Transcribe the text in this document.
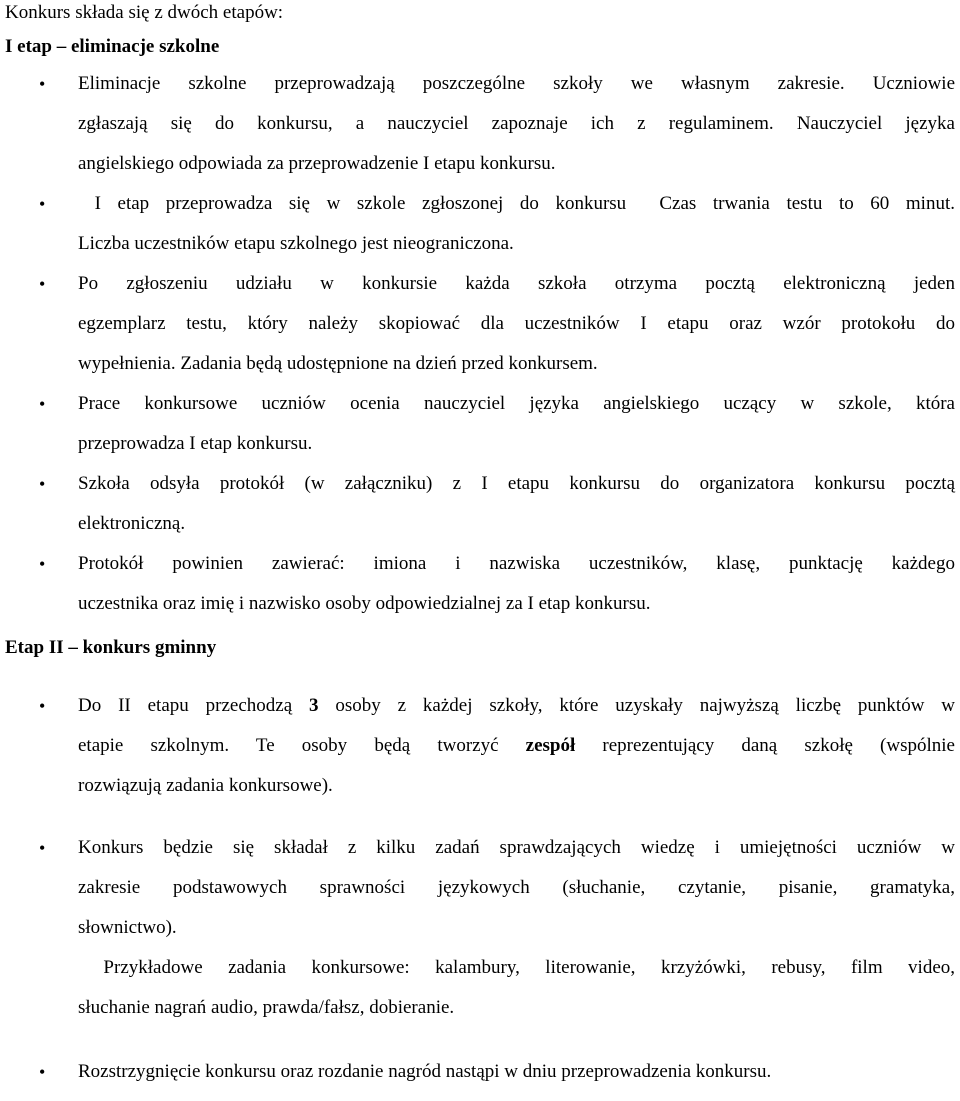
Konkurs składa się z dwóch etapów:
I etap – eliminacje szkolne
•	Eliminacje szkolne przeprowadzają poszczególne szkoły we własnym zakresie. Uczniowie
zgłaszają się do konkursu, a nauczyciel zapoznaje ich z regulaminem. Nauczyciel języka
angielskiego odpowiada za przeprowadzenie I etapu konkursu.
•	I etap przeprowadza się w szkole zgłoszonej do konkursu  Czas trwania testu to 60 minut.
Liczba uczestników etapu szkolnego jest nieograniczona.
•	Po zgłoszeniu udziału w konkursie każda szkoła otrzyma pocztą elektroniczną jeden
egzemplarz testu, który należy skopiować dla uczestników I etapu oraz wzór protokołu do
wypełnienia. Zadania będą udostępnione na dzień przed konkursem.
•	Prace konkursowe uczniów ocenia nauczyciel języka angielskiego uczący w szkole, która
przeprowadza I etap konkursu.
•	Szkoła odsyła protokół (w załączniku) z I etapu konkursu do organizatora konkursu pocztą
elektroniczną.
•	Protokół powinien zawierać: imiona i nazwiska uczestników, klasę, punktację każdego
uczestnika oraz imię i nazwisko osoby odpowiedzialnej za I etap konkursu.
Etap II – konkurs gminny
•	Do II etapu przechodzą 3 osoby z każdej szkoły, które uzyskały najwyższą liczbę punktów w
etapie szkolnym. Te osoby będą tworzyć zespół reprezentujący daną szkołę (wspólnie
rozwiązują zadania konkursowe).
•	Konkurs będzie się składał z kilku zadań sprawdzających wiedzę i umiejętności uczniów w
zakresie podstawowych sprawności językowych (słuchanie, czytanie, pisanie, gramatyka,
słownictwo).
Przykładowe zadania konkursowe: kalambury, literowanie, krzyżówki, rebusy, film video,
słuchanie nagrań audio, prawda/fałsz, dobieranie.
•	Rozstrzygnięcie konkursu oraz rozdanie nagród nastąpi w dniu przeprowadzenia konkursu.
